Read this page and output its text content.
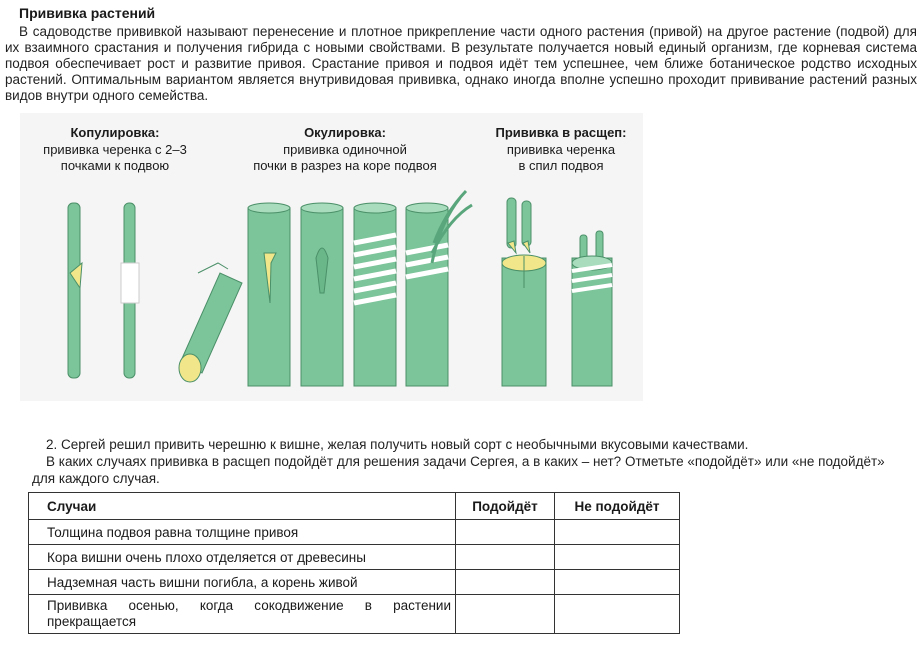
Прививка растений
В садоводстве прививкой называют перенесение и плотное прикрепление части одного растения (привой) на другое растение (подвой) для их взаимного срастания и получения гибрида с новыми свойствами. В результате получается новый единый организм, где корневая система подвоя обеспечивает рост и развитие привоя. Срастание привоя и подвоя идёт тем успешнее, чем ближе ботаническое родство исходных растений. Оптимальным вариантом является внутривидовая прививка, однако иногда вполне успешно проходит прививание растений разных видов внутри одного семейства.
Копулировка:
прививка черенка с 2–3
почками к подвою
Окулировка:
прививка одиночной
почки в разрез на коре подвоя
Прививка в расщеп:
прививка черенка
в спил подвоя

2. Сергей решил привить черешню к вишне, желая получить новый сорт с необычными вкусовыми качествами.

В каких случаях прививка в расщеп подойдёт для решения задачи Сергея, а в каких – нет? Отметьте «подойдёт» или «не подойдёт» для каждого случая.

Случаи	Подойдёт	Не подойдёт
Толщина подвоя равна толщине привоя		
Кора вишни очень плохо отделяется от древесины		
Надземная часть вишни погибла, а корень живой		
Прививка осенью, когда сокодвижение в растении прекращается		
